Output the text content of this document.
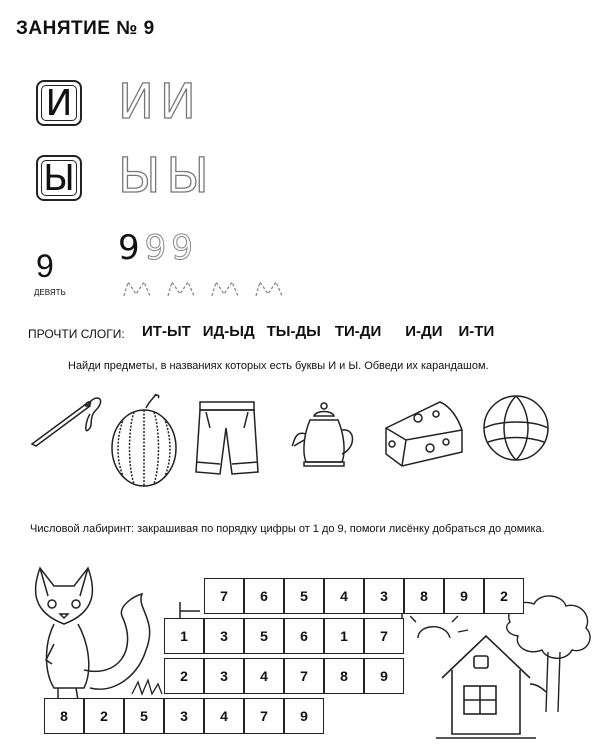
ЗАНЯТИЕ № 9
И ИИ
Ы ЫЫ
9
ДЕВЯТЬ
999
ПРОЧТИ СЛОГИ: ИТ-ЫТ ИД-ЫД ТЫ-ДЫ ТИ-ДИ И-ДИ И-ТИ
Найди предметы, в названиях которых есть буквы И и Ы. Обведи их карандашом.
Числовой лабиринт: закрашивая по порядку цифры от 1 до 9, помоги лисёнку добраться до домика.
7	6	5	4	3	8	9	2
1	3	5	6	1	7
2	3	4	7	8	9
8	2	5	3	4	7	9
